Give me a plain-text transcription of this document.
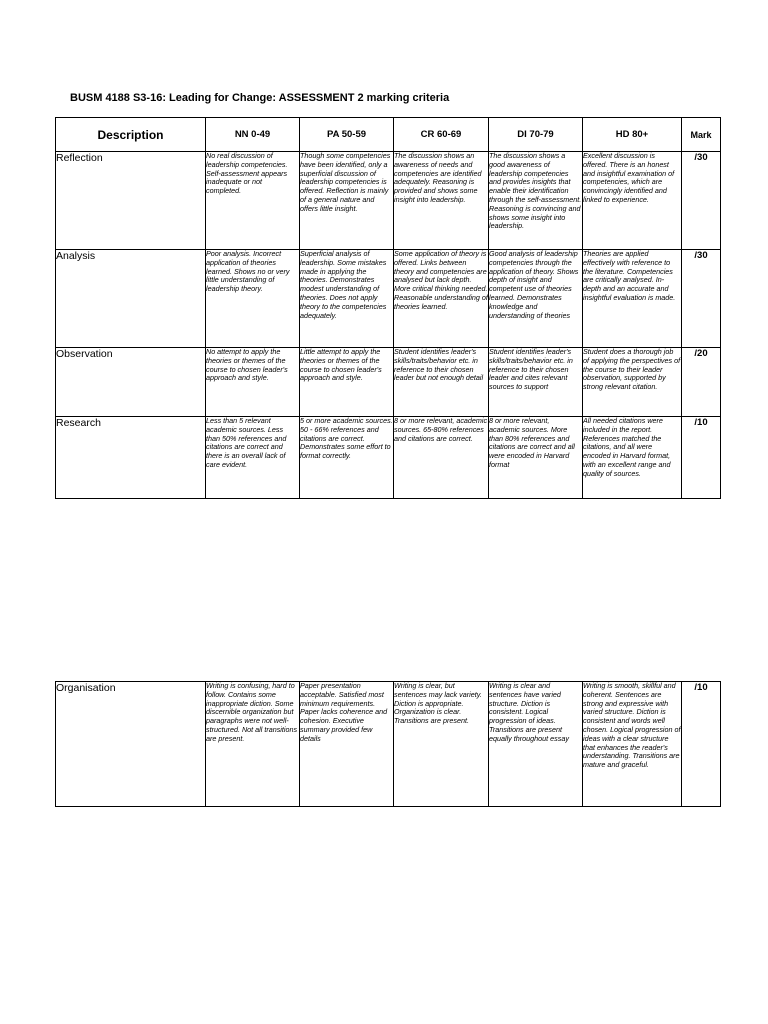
BUSM 4188 S3-16: Leading for Change: ASSESSMENT 2 marking criteria
Description	NN 0-49	PA 50-59	CR 60-69	DI 70-79	HD 80+	Mark
Reflection	No real discussion of leadership competencies. Self-assessment appears inadequate or not completed.	Though some competencies have been identified, only a superficial discussion of leadership competencies is offered. Reflection is mainly of a general nature and offers little insight.	The discussion shows an awareness of needs and competencies are identified adequately. Reasoning is provided and shows some insight into leadership.	The discussion shows a good awareness of leadership competencies and provides insights that enable their identification through the self-assessment. Reasoning is convincing and shows some insight into leadership.	Excellent discussion is offered. There is an honest and insightful examination of competencies, which are convincingly identified and linked to experience.	/30
Analysis	Poor analysis. Incorrect application of theories learned. Shows no or very little understanding of leadership theory.	Superficial analysis of leadership. Some mistakes made in applying the theories. Demonstrates modest understanding of theories. Does not apply theory to the competencies adequately.	Some application of theory is offered. Links between theory and competencies are analysed but lack depth. More critical thinking needed. Reasonable understanding of theories learned.	Good analysis of leadership competencies through the application of theory. Shows depth of insight and competent use of theories learned. Demonstrates knowledge and understanding of theories	Theories are applied effectively with reference to the literature. Competencies are critically analysed. In-depth and an accurate and insightful evaluation is made.	/30
Observation	No attempt to apply the theories or themes of the course to chosen leader's approach and style.	Little attempt to apply the theories or themes of the course to chosen leader's approach and style.	Student identifies leader's skills/traits/behavior etc. in reference to their chosen leader but not enough detail	Student identifies leader's skills/traits/behavior etc. in reference to their chosen leader and cites relevant sources to support	Student does a thorough job of applying the perspectives of the course to their leader observation, supported by strong relevant citation.	/20
Research	Less than 5 relevant academic sources. Less than 50% references and citations are correct and there is an overall lack of care evident.	5 or more academic sources. 50 - 66% references and citations are correct. Demonstrates some effort to format correctly.	8 or more relevant, academic sources. 65-80% references and citations are correct.	8 or more relevant, academic sources. More than 80% references and citations are correct and all were encoded in Harvard format	All needed citations were included in the report. References matched the citations, and all were encoded in Harvard format, with an excellent range and quality of sources.	/10
Organisation	Writing is confusing, hard to follow. Contains some inappropriate diction. Some discernible organization but paragraphs were not well-structured. Not all transitions are present.	Paper presentation acceptable. Satisfied most minimum requirements. Paper lacks coherence and cohesion. Executive summary provided few details	Writing is clear, but sentences may lack variety. Diction is appropriate. Organization is clear. Transitions are present.	Writing is clear and sentences have varied structure. Diction is consistent. Logical progression of ideas. Transitions are present equally throughout essay	Writing is smooth, skillful and coherent. Sentences are strong and expressive with varied structure. Diction is consistent and words well chosen. Logical progression of ideas with a clear structure that enhances the reader's understanding. Transitions are mature and graceful.	/10
